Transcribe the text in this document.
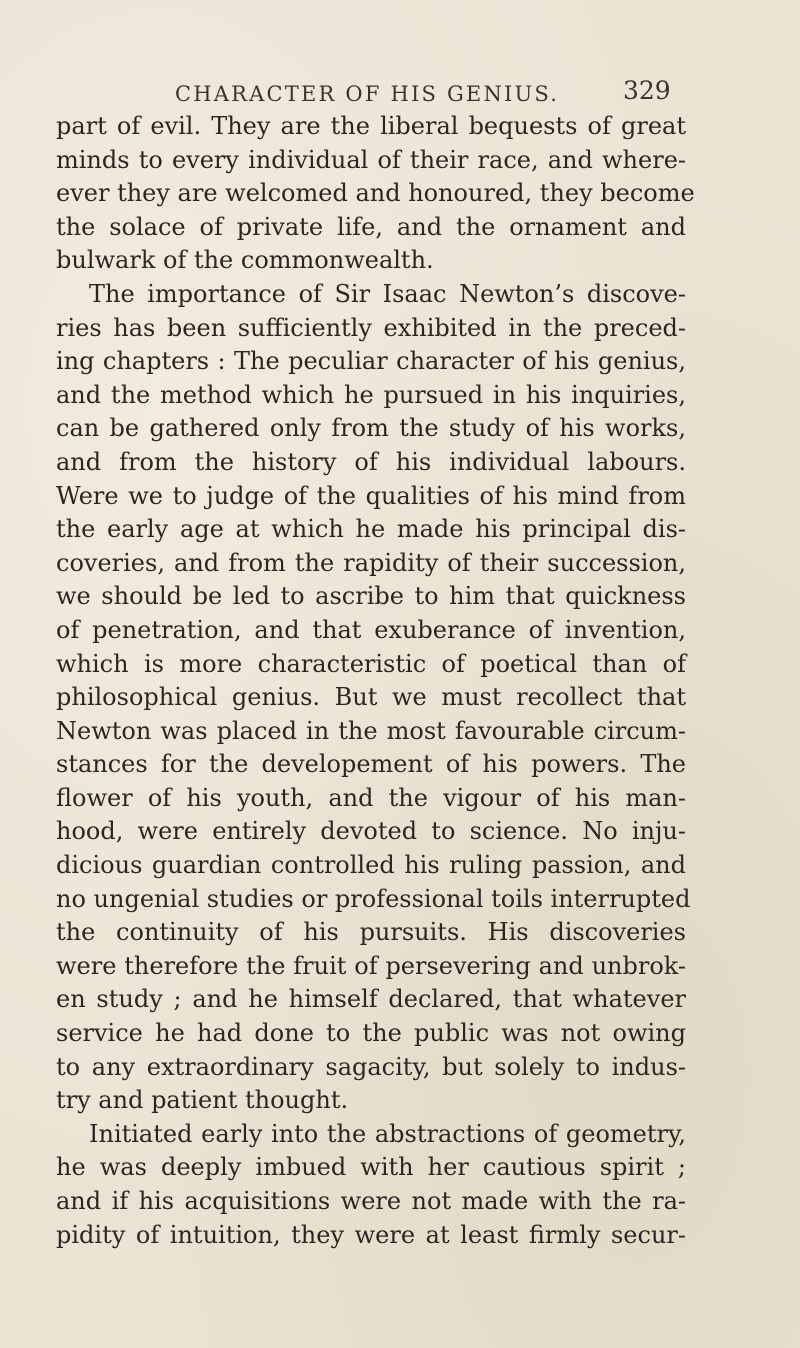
CHARACTER OF HIS GENIUS.	329
part of evil. They are the liberal bequests of great
minds to every individual of their race, and where-
ever they are welcomed and honoured, they become
the solace of private life, and the ornament and
bulwark of the commonwealth.
The importance of Sir Isaac Newton’s discove-
ries has been sufficiently exhibited in the preced-
ing chapters : The peculiar character of his genius,
and the method which he pursued in his inquiries,
can be gathered only from the study of his works,
and from the history of his individual labours.
Were we to judge of the qualities of his mind from
the early age at which he made his principal dis-
coveries, and from the rapidity of their succession,
we should be led to ascribe to him that quickness
of penetration, and that exuberance of invention,
which is more characteristic of poetical than of
philosophical genius. But we must recollect that
Newton was placed in the most favourable circum-
stances for the developement of his powers. The
flower of his youth, and the vigour of his man-
hood, were entirely devoted to science. No inju-
dicious guardian controlled his ruling passion, and
no ungenial studies or professional toils interrupted
the continuity of his pursuits. His discoveries
were therefore the fruit of persevering and unbrok-
en study ; and he himself declared, that whatever
service he had done to the public was not owing
to any extraordinary sagacity, but solely to indus-
try and patient thought.
Initiated early into the abstractions of geometry,
he was deeply imbued with her cautious spirit ;
and if his acquisitions were not made with the ra-
pidity of intuition, they were at least firmly secur-
